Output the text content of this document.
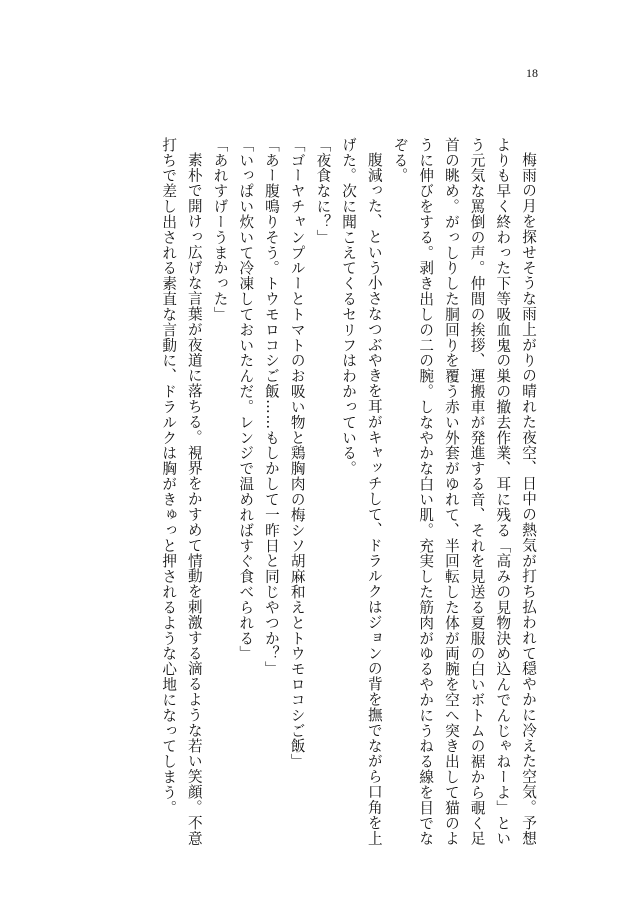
18
梅雨の月を探せそうな雨上がりの晴れた夜空、日中の熱気が打ち払われて穏やかに冷えた空気。予想
よりも早く終わった下等吸血鬼の巣の撤去作業、耳に残る「高みの見物決め込んでんじゃねーよ」とい
う元気な罵倒の声。仲間の挨拶、運搬車が発進する音、それを見送る夏服の白いボトムの裾から覗く足
首の眺め。がっしりした胴回りを覆う赤い外套がゆれて、半回転した体が両腕を空へ突き出して猫のよ
うに伸びをする。剥き出しの二の腕。しなやかな白い肌。充実した筋肉がゆるやかにうねる線を目でな
ぞる。
腹減った、という小さなつぶやきを耳がキャッチして、ドラルクはジョンの背を撫でながら口角を上
げた。次に聞こえてくるセリフはわかっている。
「夜食なに？」
「ゴーヤチャンプルーとトマトのお吸い物と鶏胸肉の梅シソ胡麻和えとトウモロコシご飯」
「あー腹鳴りそう。トウモロコシご飯……もしかして一昨日と同じやつか？」
「いっぱい炊いて冷凍しておいたんだ。レンジで温めればすぐ食べられる」
「あれすげーうまかった」
素朴で開けっ広げな言葉が夜道に落ちる。視界をかすめて情動を刺激する滴るような若い笑顔。不意
打ちで差し出される素直な言動に、ドラルクは胸がきゅっと押されるような心地になってしまう。
